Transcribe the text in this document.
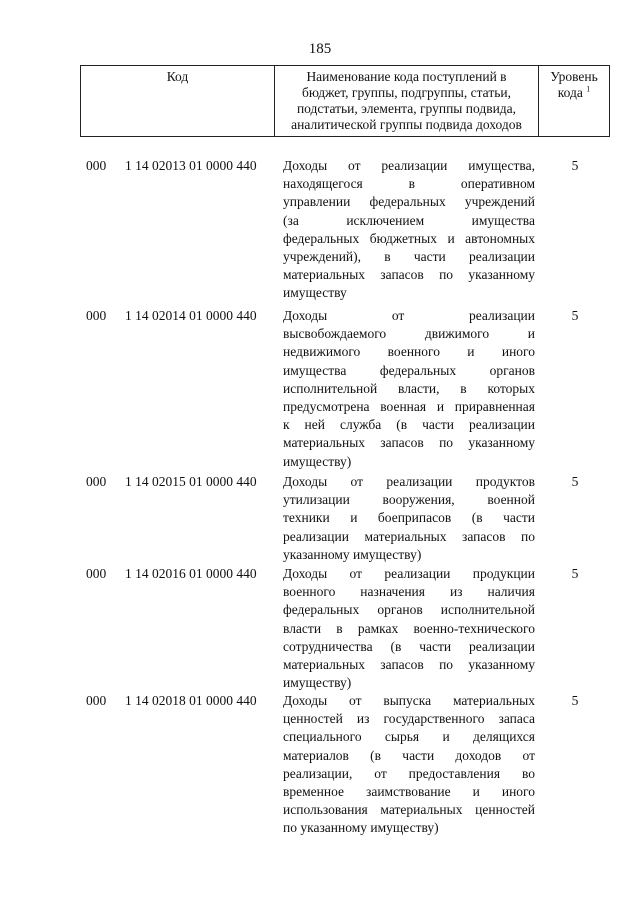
185
Код	Наименование кода поступлений в
бюджет, группы, подгруппы, статьи,
подстатьи, элемента, группы подвида,
аналитической группы подвида доходов
Уровень
кода $^1$
000	1 14 02013 01 0000 440	Доходы от реализации имущества,
находящегося в оперативном
управлении федеральных учреждений
(за исключением имущества
федеральных бюджетных и автономных
учреждений), в части реализации
материальных запасов по указанному
имуществу
5
000	1 14 02014 01 0000 440	Доходы от реализации
высвобождаемого движимого и
недвижимого военного и иного
имущества федеральных органов
исполнительной власти, в которых
предусмотрена военная и приравненная
к ней служба (в части реализации
материальных запасов по указанному
имуществу)
5
000	1 14 02015 01 0000 440	Доходы от реализации продуктов
утилизации вооружения, военной
техники и боеприпасов (в части
реализации материальных запасов по
указанному имуществу)
5
000	1 14 02016 01 0000 440	Доходы от реализации продукции
военного назначения из наличия
федеральных органов исполнительной
власти в рамках военно-технического
сотрудничества (в части реализации
материальных запасов по указанному
имуществу)
5
000	1 14 02018 01 0000 440	Доходы от выпуска материальных
ценностей из государственного запаса
специального сырья и делящихся
материалов (в части доходов от
реализации, от предоставления во
временное заимствование и иного
использования материальных ценностей
по указанному имуществу)
5
